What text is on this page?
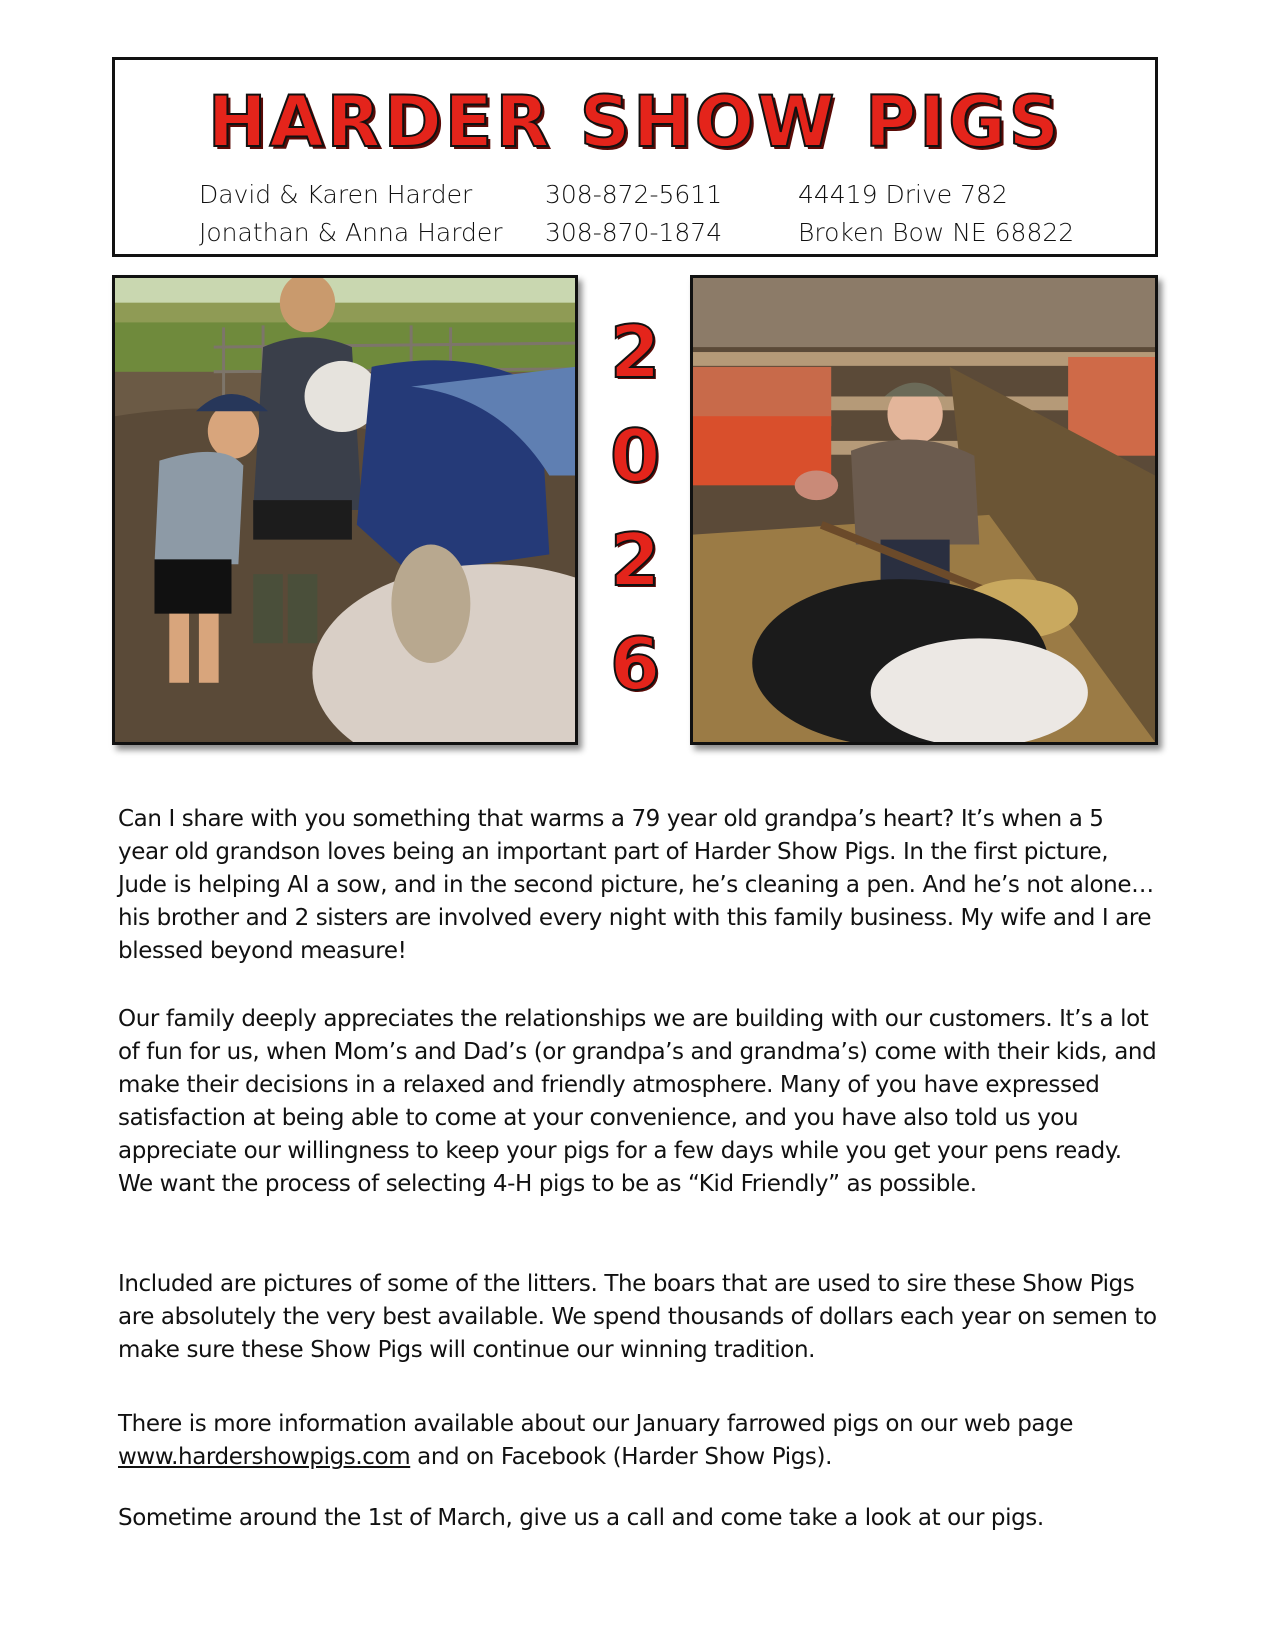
HARDER SHOW PIGS
David & Karen Harder
Jonathan & Anna Harder
308-872-5611
308-870-1874
44419 Drive 782
Broken Bow NE 68822
2
0
2
6

Can I share with you something that warms a 79 year old grandpa’s heart? It’s when a 5 year old grandson loves being an important part of Harder Show Pigs. In the first picture, Jude is helping AI a sow, and in the second picture, he’s cleaning a pen. And he’s not alone…his brother and 2 sisters are involved every night with this family business. My wife and I are blessed beyond measure!

Our family deeply appreciates the relationships we are building with our customers. It’s a lot of fun for us, when Mom’s and Dad’s (or grandpa’s and grandma’s) come with their kids, and make their decisions in a relaxed and friendly atmosphere. Many of you have expressed satisfaction at being able to come at your convenience, and you have also told us you appreciate our willingness to keep your pigs for a few days while you get your pens ready. We want the process of selecting 4-H pigs to be as “Kid Friendly” as possible.

Included are pictures of some of the litters. The boars that are used to sire these Show Pigs are absolutely the very best available. We spend thousands of dollars each year on semen to make sure these Show Pigs will continue our winning tradition.

There is more information available about our January farrowed pigs on our web page
www.hardershowpigs.com and on Facebook (Harder Show Pigs).

Sometime around the 1st of March, give us a call and come take a look at our pigs.
